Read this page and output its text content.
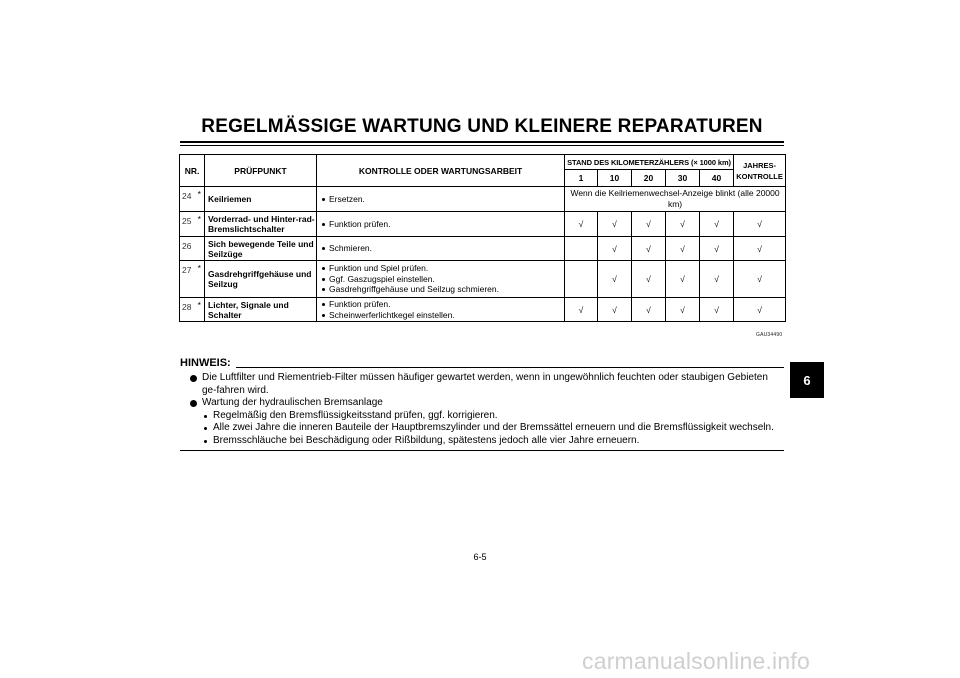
REGELMÄSSIGE WARTUNG UND KLEINERE REPARATUREN
6
NR.		PRÜFPUNKT	KONTROLLE ODER WARTUNGSARBEIT	STAND DES KILOMETERZÄHLERS (× 1000 km)					JAHRES-
KONTROLLE

				1	10	20	30	40	
24	*	Keilriemen	Ersetzen.	Wenn die Keilriemenwechsel-Anzeige blinkt (alle 20000 km)					
25	*	Vorderrad- und Hinter-rad-Bremslichtschalter	Funktion prüfen.	√	√	√	√	√	√
26		Sich bewegende Teile und Seilzüge	Schmieren.		√	√	√	√	√
27	*	Gasdrehgriffgehäuse und Seilzug	Funktion und Spiel prüfen.
Ggf. Gaszugspiel einstellen.
Gasdrehgriffgehäuse und Seilzug schmieren.		√	√	√	√	√
28	*	Lichter, Signale und Schalter	Funktion prüfen.
Scheinwerferlichtkegel einstellen.	√	√	√	√	√	√
GAU34490
HINWEIS:
Die Luftfilter und Riementrieb-Filter müssen häufiger gewartet werden, wenn in ungewöhnlich feuchten oder staubigen Gebieten ge-fahren wird.
Wartung der hydraulischen Bremsanlage
Regelmäßig den Bremsflüssigkeitsstand prüfen, ggf. korrigieren.
Alle zwei Jahre die inneren Bauteile der Hauptbremszylinder und der Bremssättel erneuern und die Bremsflüssigkeit wechseln.
Bremsschläuche bei Beschädigung oder Rißbildung, spätestens jedoch alle vier Jahre erneuern.
6-5
carmanualsonline.info
